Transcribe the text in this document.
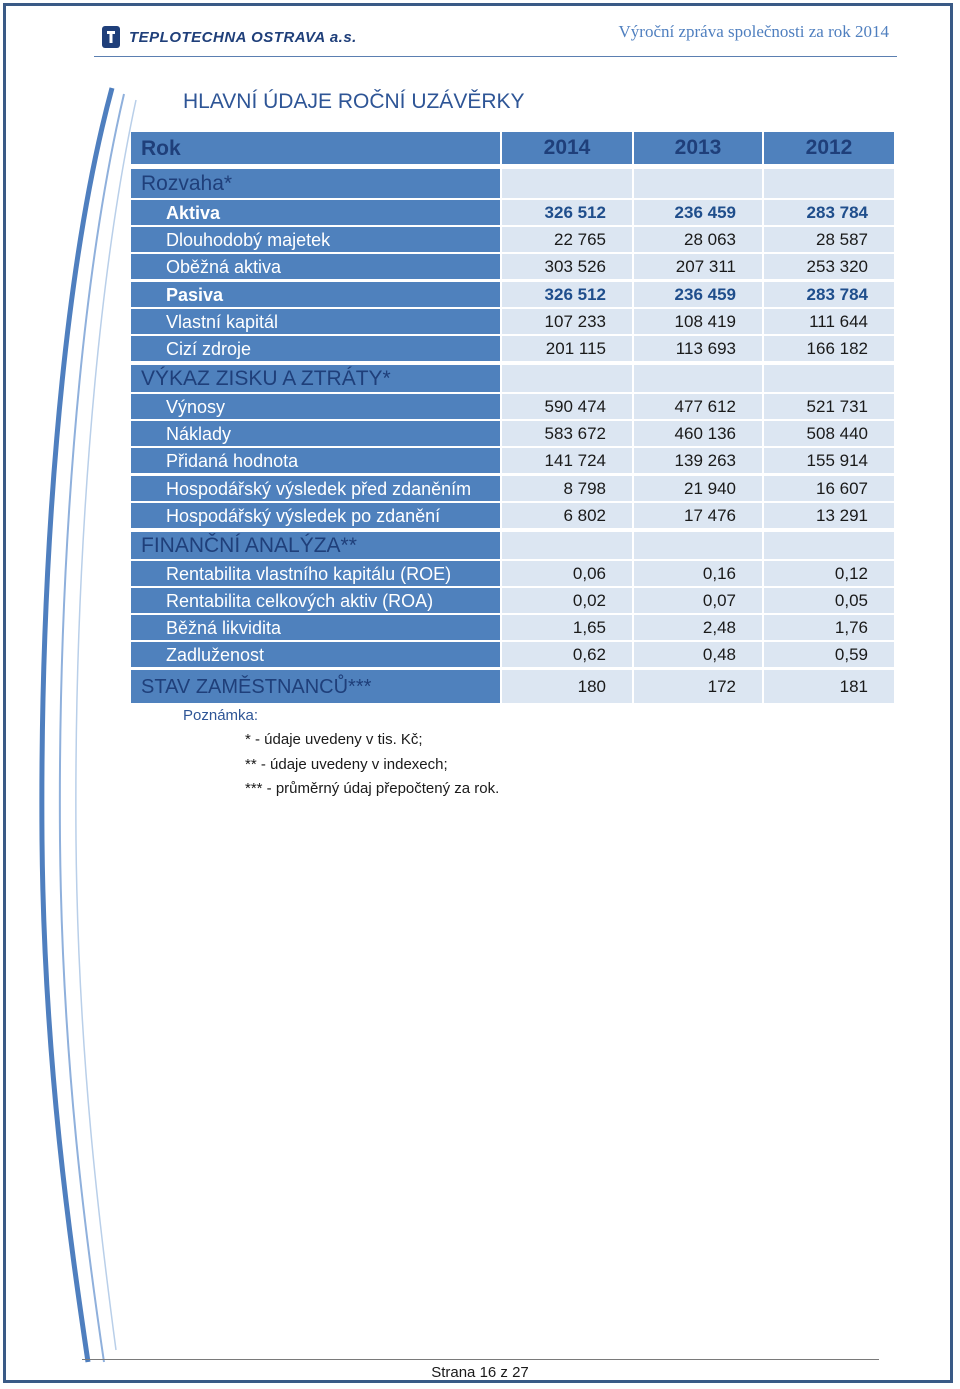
TEPLOTECHNA OSTRAVA a.s.	Výroční zpráva společnosti za rok 2014
HLAVNÍ ÚDAJE ROČNÍ UZÁVĚRKY
Rok	2014	2013	2012
Rozvaha*
Aktiva	326 512	236 459	283 784
Dlouhodobý majetek	22 765	28 063	28 587
Oběžná aktiva	303 526	207 311	253 320
Pasiva	326 512	236 459	283 784
Vlastní kapitál	107 233	108 419	111 644
Cizí zdroje	201 115	113 693	166 182
VÝKAZ ZISKU A ZTRÁTY*
Výnosy	590 474	477 612	521 731
Náklady	583 672	460 136	508 440
Přidaná hodnota	141 724	139 263	155 914
Hospodářský výsledek před zdaněním	8 798	21 940	16 607
Hospodářský výsledek po zdanění	6 802	17 476	13 291
FINANČNÍ ANALÝZA**
Rentabilita vlastního kapitálu (ROE)	0,06	0,16	0,12
Rentabilita celkových aktiv (ROA)	0,02	0,07	0,05
Běžná likvidita	1,65	2,48	1,76
Zadluženost	0,62	0,48	0,59
STAV ZAMĚSTNANCŮ***	180	172	181
Poznámka:
* - údaje uvedeny v tis. Kč;
** - údaje uvedeny v indexech;
*** - průměrný údaj přepočtený za rok.
Strana 16 z 27
